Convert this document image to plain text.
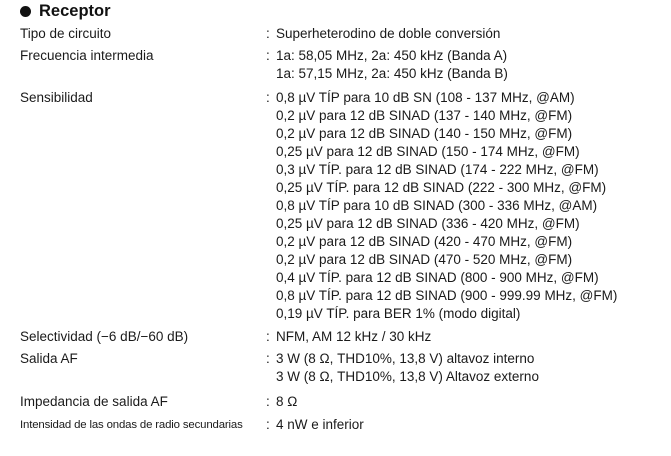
Receptor
Tipo de circuito	: Superheterodino de doble conversión
Frecuencia intermedia	: 1a: 58,05 MHz, 2a: 450 kHz (Banda A)
1a: 57,15 MHz, 2a: 450 kHz (Banda B)
Sensibilidad	: 0,8 µV TÍP para 10 dB SN (108 - 137 MHz, @AM)
0,2 µV para 12 dB SINAD (137 - 140 MHz, @FM)
0,2 µV para 12 dB SINAD (140 - 150 MHz, @FM)
0,25 µV para 12 dB SINAD (150 - 174 MHz, @FM)
0,3 µV TÍP. para 12 dB SINAD (174 - 222 MHz, @FM)
0,25 µV TÍP. para 12 dB SINAD (222 - 300 MHz, @FM)
0,8 µV TÍP para 10 dB SINAD (300 - 336 MHz, @AM)
0,25 µV para 12 dB SINAD (336 - 420 MHz, @FM)
0,2 µV para 12 dB SINAD (420 - 470 MHz, @FM)
0,2 µV para 12 dB SINAD (470 - 520 MHz, @FM)
0,4 µV TÍP. para 12 dB SINAD (800 - 900 MHz, @FM)
0,8 µV TÍP. para 12 dB SINAD (900 - 999.99 MHz, @FM)
0,19 µV TÍP. para BER 1% (modo digital)
Selectividad (−6 dB/−60 dB)	: NFM, AM 12 kHz / 30 kHz
Salida AF	: 3 W (8 Ω, THD10%, 13,8 V) altavoz interno
3 W (8 Ω, THD10%, 13,8 V) Altavoz externo
Impedancia de salida AF	: 8 Ω
Intensidad de las ondas de radio secundarias : 4 nW e inferior
